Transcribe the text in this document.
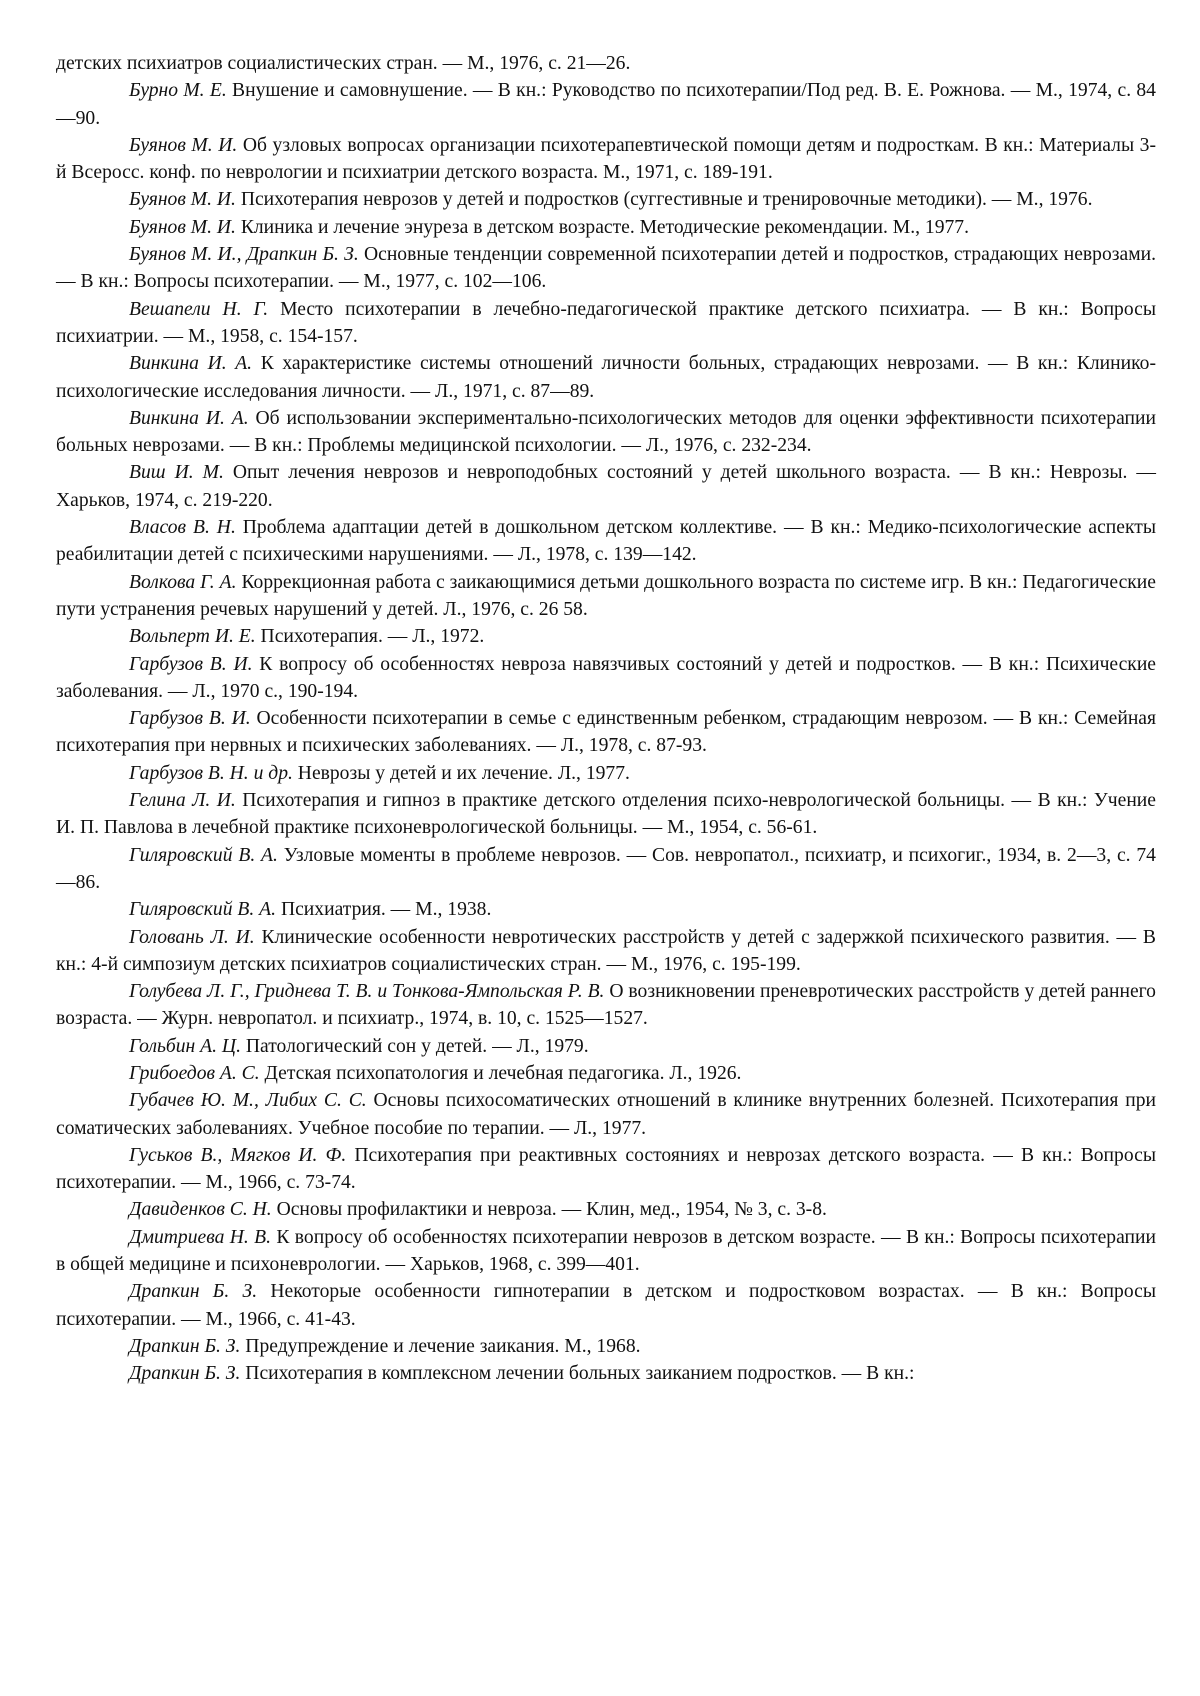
детских психиатров социалистических стран. — М., 1976, с. 21—26.

Бурно М. Е. Внушение и самовнушение. — В кн.: Руководство по психотерапии/Под ред. В. Е. Рожнова. — М., 1974, с. 84—90.

Буянов М. И. Об узловых вопросах организации психотерапевтической помощи детям и подросткам. В кн.: Материалы 3-й Всеросс. конф. по неврологии и психиатрии детского возраста. М., 1971, с. 189-191.

Буянов М. И. Психотерапия неврозов у детей и подростков (суггестивные и тренировочные методики). — М., 1976.

Буянов М. И. Клиника и лечение энуреза в детском возрасте. Методические рекомендации. М., 1977.

Буянов М. И., Драпкин Б. З. Основные тенденции современной психотерапии детей и подростков, страдающих неврозами. — В кн.: Вопросы психотерапии. — М., 1977, с. 102—106.

Вешапели Н. Г. Место психотерапии в лечебно-педагогической практике детского психиатра. — В кн.: Вопросы психиатрии. — М., 1958, с. 154-157.

Винкина И. А. К характеристике системы отношений личности больных, страдающих неврозами. — В кн.: Клинико-психологические исследования личности. — Л., 1971, с. 87—89.

Винкина И. А. Об использовании экспериментально-психологических методов для оценки эффективности психотерапии больных неврозами. — В кн.: Проблемы медицинской психологии. — Л., 1976, с. 232-234.

Виш И. М. Опыт лечения неврозов и неврoподобных состояний у детей школьного возраста. — В кн.: Неврозы. — Харьков, 1974, с. 219-220.

Власов В. Н. Проблема адаптации детей в дошкольном детском коллективе. — В кн.: Медико-психологические аспекты реабилитации детей с психическими нарушениями. — Л., 1978, с. 139—142.

Волкова Г. А. Коррекционная работа с заикающимися детьми дошкольного возраста по системе игр. В кн.: Педагогические пути устранения речевых нарушений у детей. Л., 1976, с. 26 58.

Вольперт И. Е. Психотерапия. — Л., 1972.

Гарбузов В. И. К вопросу об особенностях невроза навязчивых состояний у детей и подростков. — В кн.: Психические заболевания. — Л., 1970 с., 190-194.

Гарбузов В. И. Особенности психотерапии в семье с единственным ребенком, страдающим неврозом. — В кн.: Семейная психотерапия при нервных и психических заболеваниях. — Л., 1978, с. 87-93.

Гарбузов В. Н. и др. Неврозы у детей и их лечение. Л., 1977.

Гелина Л. И. Психотерапия и гипноз в практике детского отделения психо-неврологической больницы. — В кн.: Учение И. П. Павлова в лечебной практике психоневрологической больницы. — М., 1954, с. 56-61.

Гиляровский В. А. Узловые моменты в проблеме неврозов. — Сов. невропатол., психиатр, и психогиг., 1934, в. 2—3, с. 74—86.

Гиляровский В. А. Психиатрия. — М., 1938.

Головань Л. И. Клинические особенности невротических расстройств у детей с задержкой психического развития. — В кн.: 4-й симпозиум детских психиатров социалистических стран. — М., 1976, с. 195-199.

Голубева Л. Г., Гриднева Т. В. и Тонкова-Ямпольская Р. В. О возникновении преневротических расстройств у детей раннего возраста. — Журн. невропатол. и психиатр., 1974, в. 10, с. 1525—1527.

Гольбин А. Ц. Патологический сон у детей. — Л., 1979.

Грибоедов А. С. Детская психопатология и лечебная педагогика. Л., 1926.

Губачев Ю. М., Либих С. С. Основы психосоматических отношений в клинике внутренних болезней. Психотерапия при соматических заболеваниях. Учебное пособие по терапии. — Л., 1977.

Гуськов В., Мягков И. Ф. Психотерапия при реактивных состояниях и неврозах детского возраста. — В кн.: Вопросы психотерапии. — М., 1966, с. 73-74.

Давиденков С. Н. Основы профилактики и невроза. — Клин, мед., 1954, № 3, с. 3-8.

Дмитриева Н. В. К вопросу об особенностях психотерапии неврозов в детском возрасте. — В кн.: Вопросы психотерапии в общей медицине и психоневрологии. — Харьков, 1968, с. 399—401.

Драпкин Б. З. Некоторые особенности гипнотерапии в детском и подростковом возрастах. — В кн.: Вопросы психотерапии. — М., 1966, с. 41-43.

Драпкин Б. З. Предупреждение и лечение заикания. М., 1968.

Драпкин Б. З. Психотерапия в комплексном лечении больных заиканием подростков. — В кн.:
